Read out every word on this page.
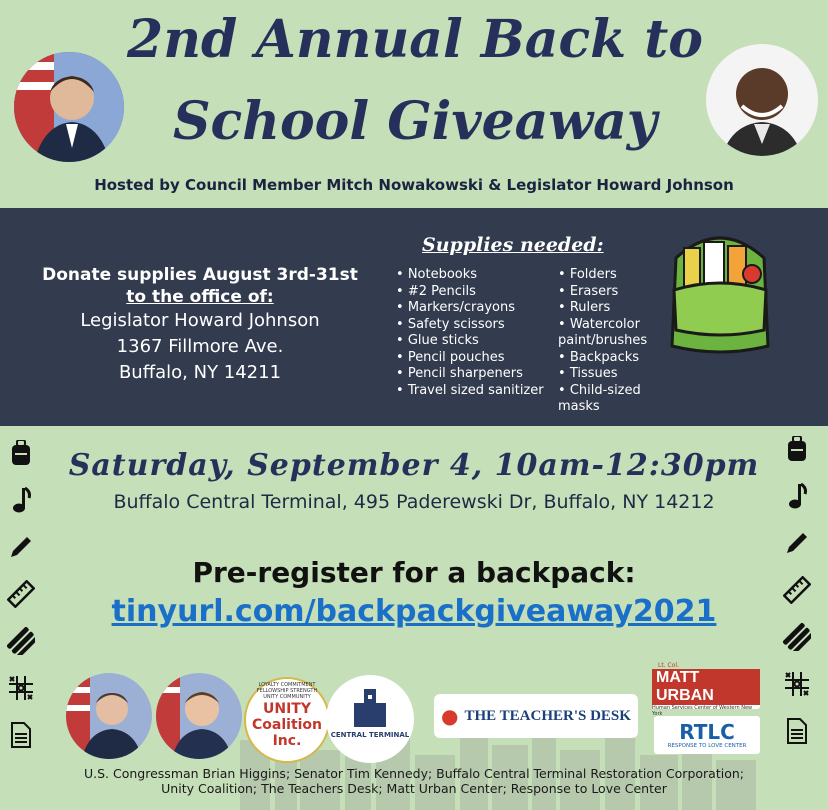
2nd Annual Back to
School Giveaway
Hosted by Council Member Mitch Nowakowski & Legislator Howard Johnson
Donate supplies August 3rd-31st
to the office of:
Legislator Howard Johnson
1367 Fillmore Ave.
Buffalo, NY 14211
Supplies needed:
• Notebooks
• #2 Pencils
• Markers/crayons
• Safety scissors
• Glue sticks
• Pencil pouches
• Pencil sharpeners
• Travel sized sanitizer
• Folders
• Erasers
• Rulers
• Watercolor paint/brushes
• Backpacks
• Tissues
• Child-sized masks
Saturday, September 4, 10am-12:30pm
Buffalo Central Terminal, 495 Paderewski Dr, Buffalo, NY 14212
Pre-register for a backpack:
tinyurl.com/backpackgiveaway2021
LOYALTY COMMITMENT FELLOWSHIP STRENGTH UNITY COMMUNITY
UNITY Coalition Inc.	CENTRAL TERMINAL
● THE TEACHER'S DESK
Lt. Col.
MATT URBAN
Human Services Center of Western New York
RTLC
RESPONSE TO LOVE CENTER
U.S. Congressman Brian Higgins; Senator Tim Kennedy; Buffalo Central Terminal Restoration Corporation;
Unity Coalition; The Teachers Desk; Matt Urban Center; Response to Love Center
